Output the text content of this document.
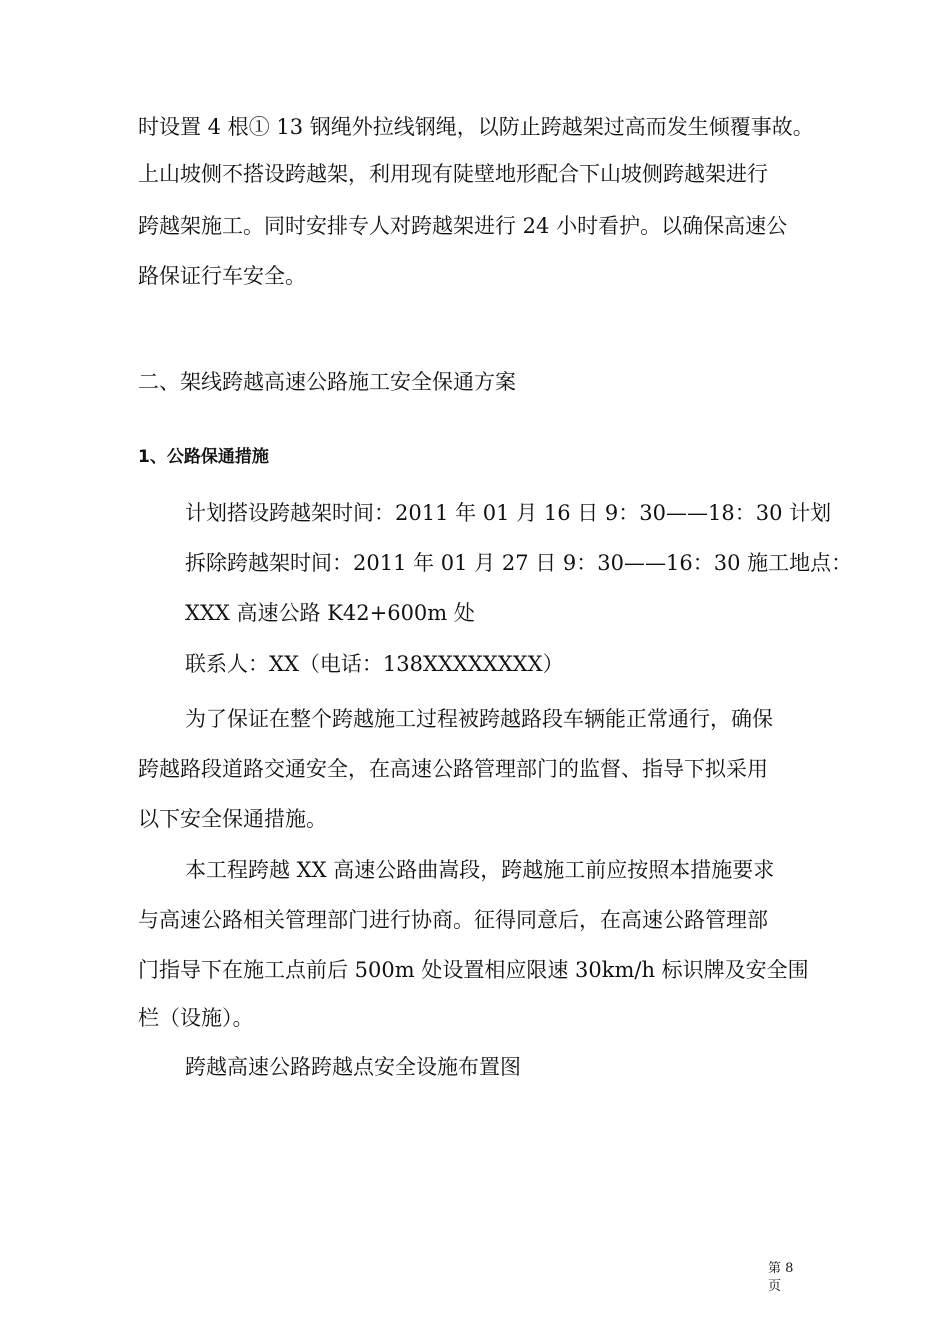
时设置 4 根① 13 钢绳外拉线钢绳，以防止跨越架过高而发生倾覆事故。
上山坡侧不搭设跨越架，利用现有陡壁地形配合下山坡侧跨越架进行
跨越架施工。同时安排专人对跨越架进行 24 小时看护。以确保高速公
路保证行车安全。
二、架线跨越高速公路施工安全保通方案
1、公路保通措施
计划搭设跨越架时间：2011 年 01 月 16 日 9：30——18：30 计划
拆除跨越架时间：2011 年 01 月 27 日 9：30——16：30 施工地点：
XXX 高速公路 K42+600m 处
联系人：XX（电话：138XXXXXXXX）
为了保证在整个跨越施工过程被跨越路段车辆能正常通行，确保
跨越路段道路交通安全，在高速公路管理部门的监督、指导下拟采用
以下安全保通措施。
本工程跨越 XX 高速公路曲嵩段，跨越施工前应按照本措施要求
与高速公路相关管理部门进行协商。征得同意后，在高速公路管理部
门指导下在施工点前后 500m 处设置相应限速 30km/h 标识牌及安全围
栏（设施）。
跨越高速公路跨越点安全设施布置图
第 8
页
